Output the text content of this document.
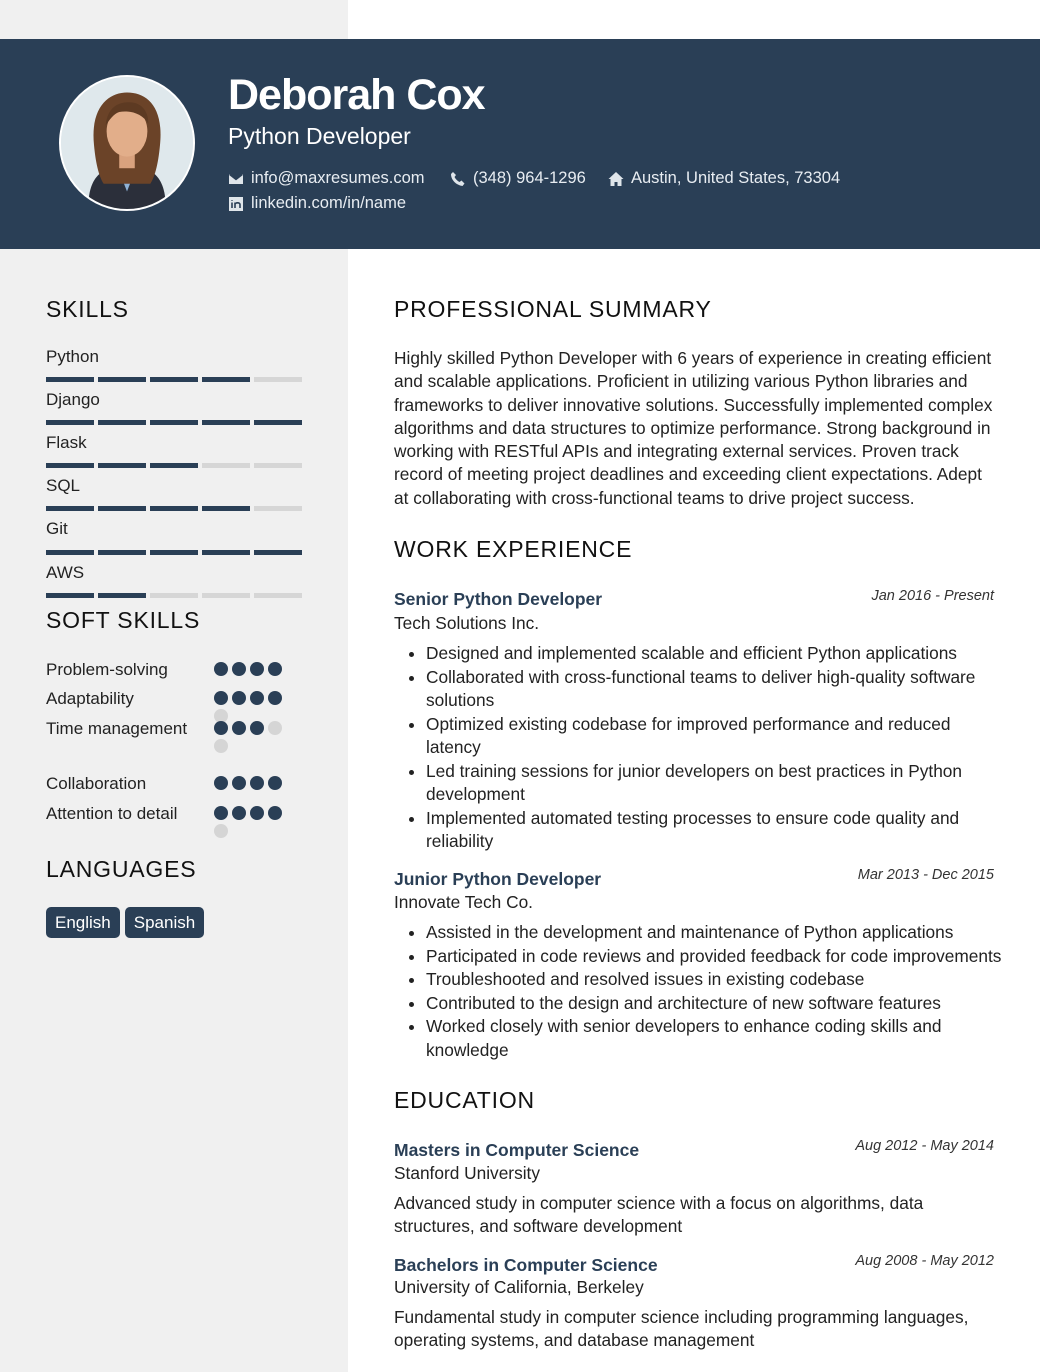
Deborah Cox
Python Developer
info@maxresumes.com	(348) 964-1296	Austin, United States, 73304
linkedin.com/in/name
SKILLS
Python
Django
Flask
SQL
Git
AWS
SOFT SKILLS
Problem-solving
Adaptability
Time management
Collaboration
Attention to detail
LANGUAGES
English	Spanish
PROFESSIONAL SUMMARY

Highly skilled Python Developer with 6 years of experience in creating efficient and scalable applications. Proficient in utilizing various Python libraries and frameworks to deliver innovative solutions. Successfully implemented complex algorithms and data structures to optimize performance. Strong background in working with RESTful APIs and integrating external services. Proven track record of meeting project deadlines and exceeding client expectations. Adept at collaborating with cross-functional teams to drive project success.

WORK EXPERIENCE
Senior Python Developer	Jan 2016 - Present
Tech Solutions Inc.
• Designed and implemented scalable and efficient Python applications
• Collaborated with cross-functional teams to deliver high-quality software solutions
• Optimized existing codebase for improved performance and reduced latency
• Led training sessions for junior developers on best practices in Python development
• Implemented automated testing processes to ensure code quality and reliability
Junior Python Developer	Mar 2013 - Dec 2015
Innovate Tech Co.
• Assisted in the development and maintenance of Python applications
• Participated in code reviews and provided feedback for code improvements
• Troubleshooted and resolved issues in existing codebase
• Contributed to the design and architecture of new software features
• Worked closely with senior developers to enhance coding skills and knowledge
EDUCATION
Masters in Computer Science	Aug 2012 - May 2014
Stanford University

Advanced study in computer science with a focus on algorithms, data structures, and software development

Bachelors in Computer Science	Aug 2008 - May 2012
University of California, Berkeley

Fundamental study in computer science including programming languages, operating systems, and database management
